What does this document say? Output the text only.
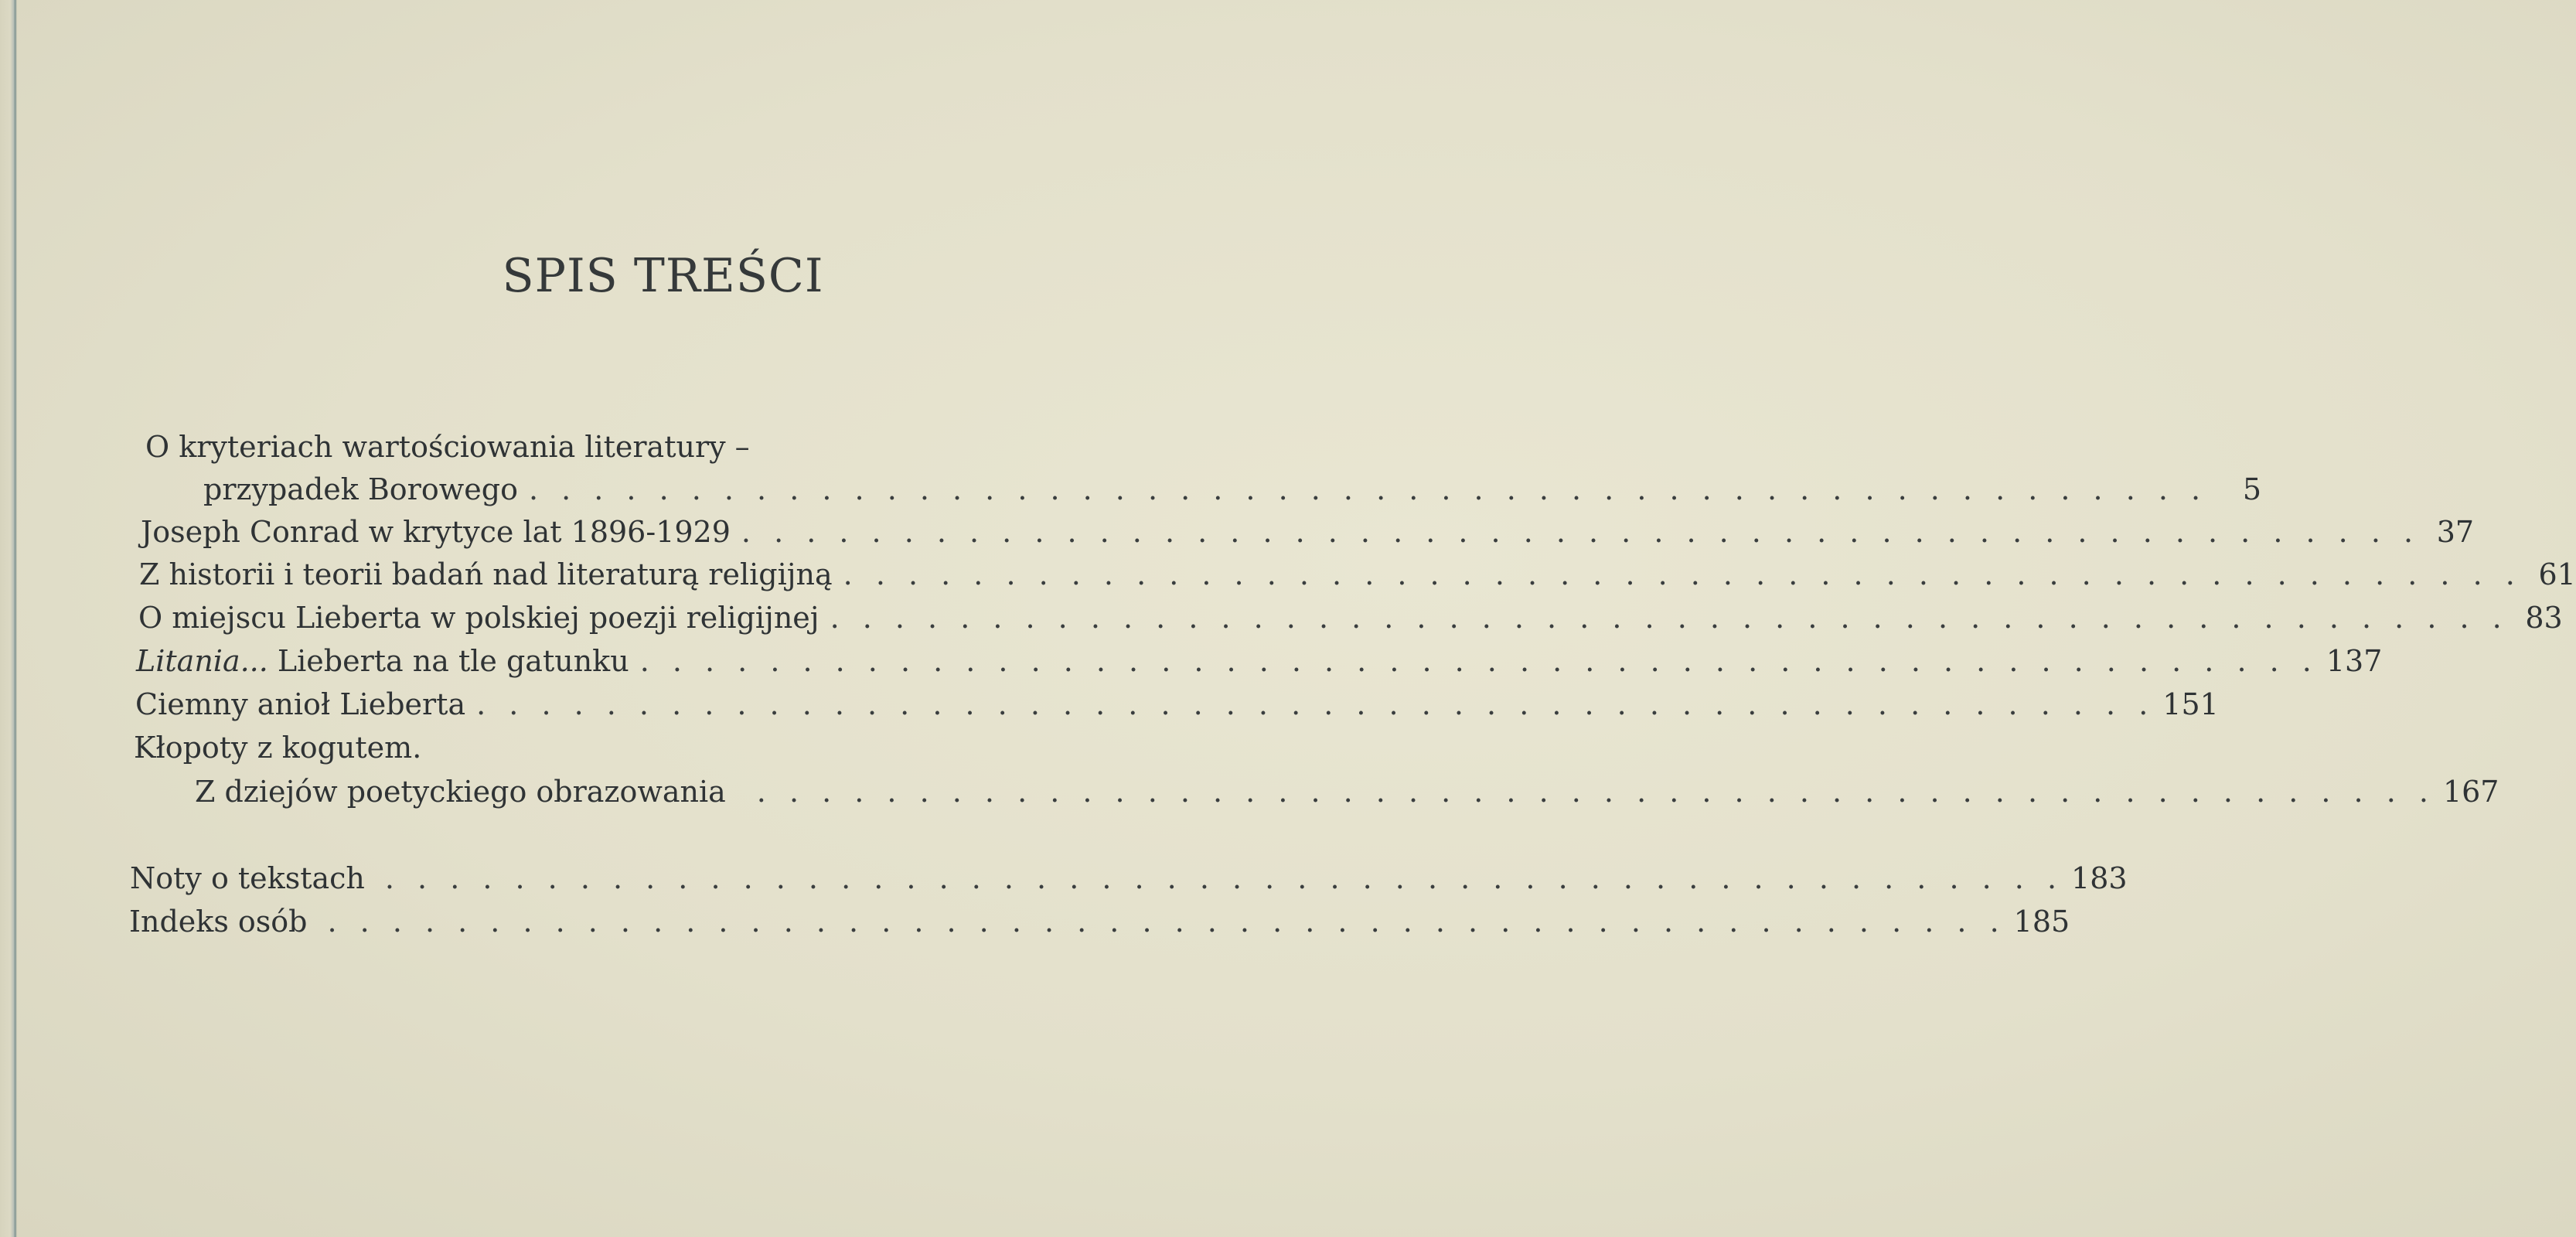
SPIS TREŚCI
O kryteriach wartościowania literatury –
przypadek Borowego . . . . . . . . . . . . . . . . . . . . . . . . . . . . . . . . . . . . . . . . . . . . . . . . . . . .	5
Joseph Conrad w krytyce lat 1896-1929 . . . . . . . . . . . . . . . . . . . . . . . . . . . . . . . . . . . . . . . . . . . . . . . . . . . . 37
Z historii i teorii badań nad literaturą religijną . . . . . . . . . . . . . . . . . . . . . . . . . . . . . . . . . . . . . . . . . . . . . . . . . . . . 61
O miejscu Lieberta w polskiej poezji religijnej . . . . . . . . . . . . . . . . . . . . . . . . . . . . . . . . . . . . . . . . . . . . . . . . . . . . 83
Litania... Lieberta na tle gatunku . . . . . . . . . . . . . . . . . . . . . . . . . . . . . . . . . . . . . . . . . . . . . . . . . . . . 137
Ciemny anioł Lieberta . . . . . . . . . . . . . . . . . . . . . . . . . . . . . . . . . . . . . . . . . . . . . . . . . . . . 151
Kłopoty z kogutem.
Z dziejów poetyckiego obrazowania . . . . . . . . . . . . . . . . . . . . . . . . . . . . . . . . . . . . . . . . . . . . . . . . . . . . 167
Noty o tekstach . . . . . . . . . . . . . . . . . . . . . . . . . . . . . . . . . . . . . . . . . . . . . . . . . . . . 183
Indeks osób . . . . . . . . . . . . . . . . . . . . . . . . . . . . . . . . . . . . . . . . . . . . . . . . . . . . 185
